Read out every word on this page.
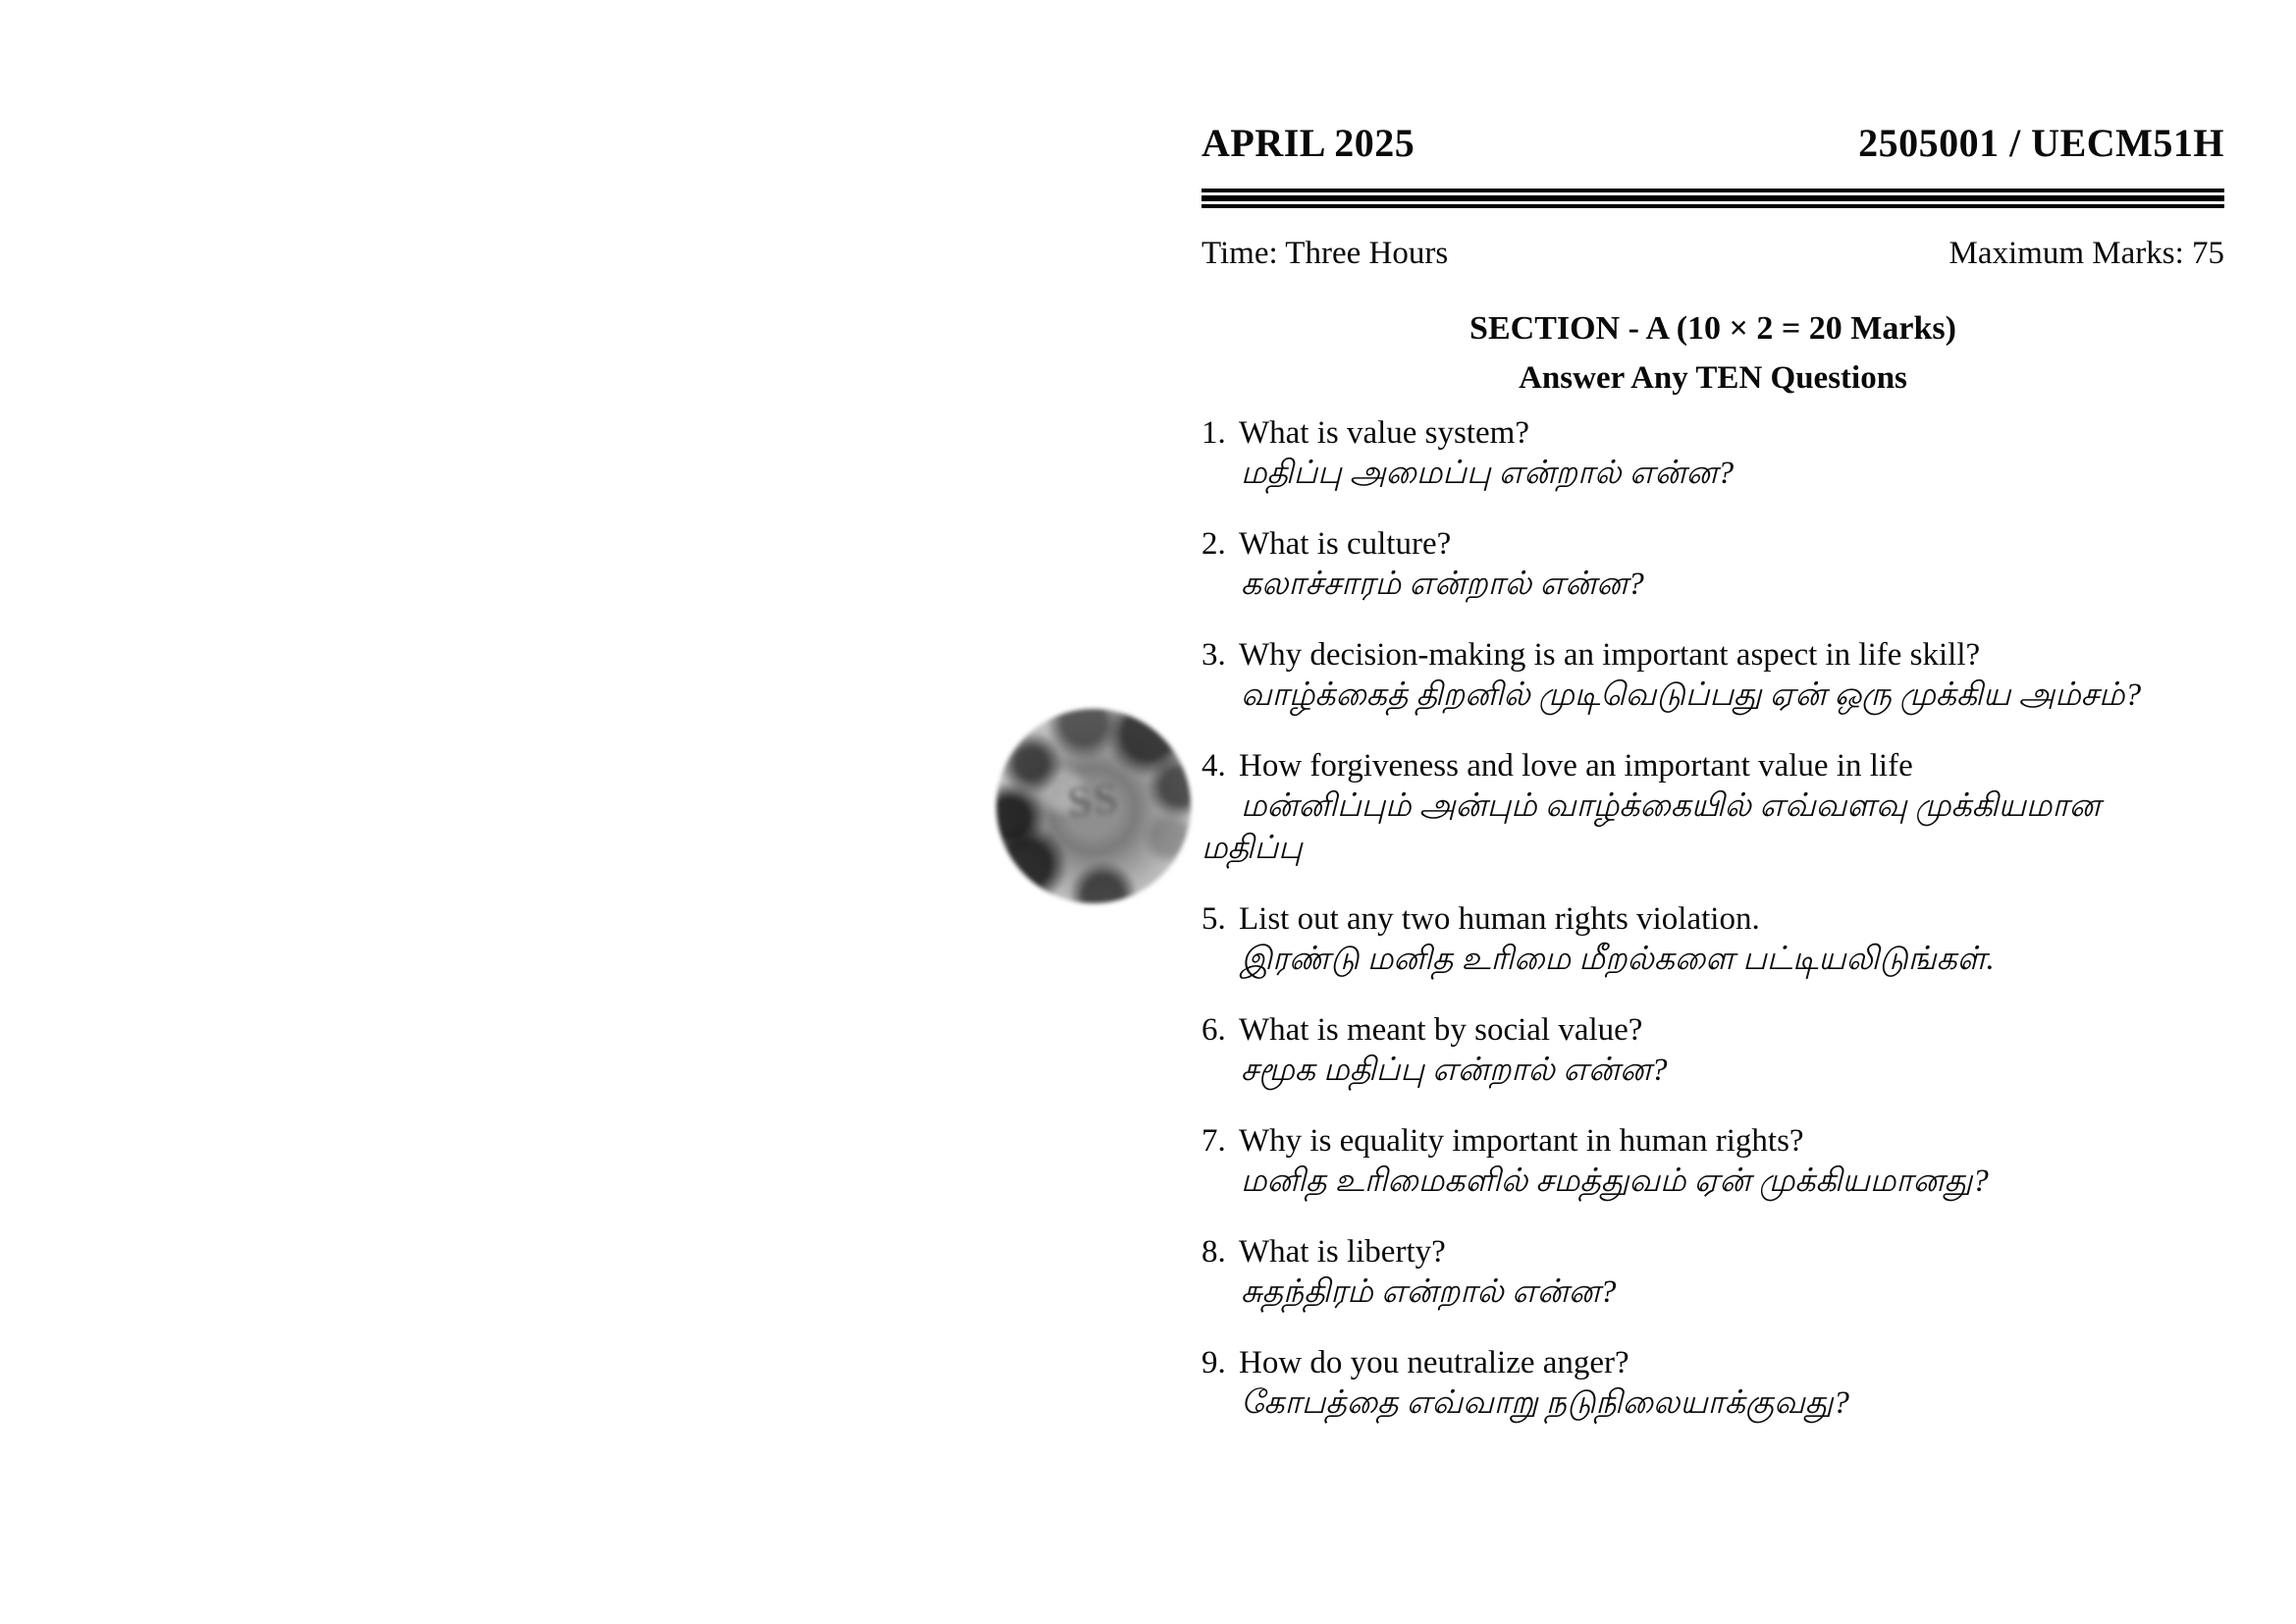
APRIL 2025	2505001 / UECM51H
Time: Three Hours	Maximum Marks: 75
SECTION - A (10 × 2 = 20 Marks)
Answer Any TEN Questions
1. What is value system?
மதிப்பு அமைப்பு என்றால் என்ன?
2. What is culture?
கலாச்சாரம் என்றால் என்ன?
3. Why decision-making is an important aspect in life skill?
வாழ்க்கைத் திறனில் முடிவெடுப்பது ஏன் ஒரு முக்கிய அம்சம்?
4. How forgiveness and love an important value in life
மன்னிப்பும் அன்பும் வாழ்க்கையில் எவ்வளவு முக்கியமான
மதிப்பு
5. List out any two human rights violation.
இரண்டு மனித உரிமை மீறல்களை பட்டியலிடுங்கள்.
6. What is meant by social value?
சமூக மதிப்பு என்றால் என்ன?
7. Why is equality important in human rights?
மனித உரிமைகளில் சமத்துவம் ஏன் முக்கியமானது?
8. What is liberty?
சுதந்திரம் என்றால் என்ன?
9. How do you neutralize anger?
கோபத்தை எவ்வாறு நடுநிலையாக்குவது?
SS
